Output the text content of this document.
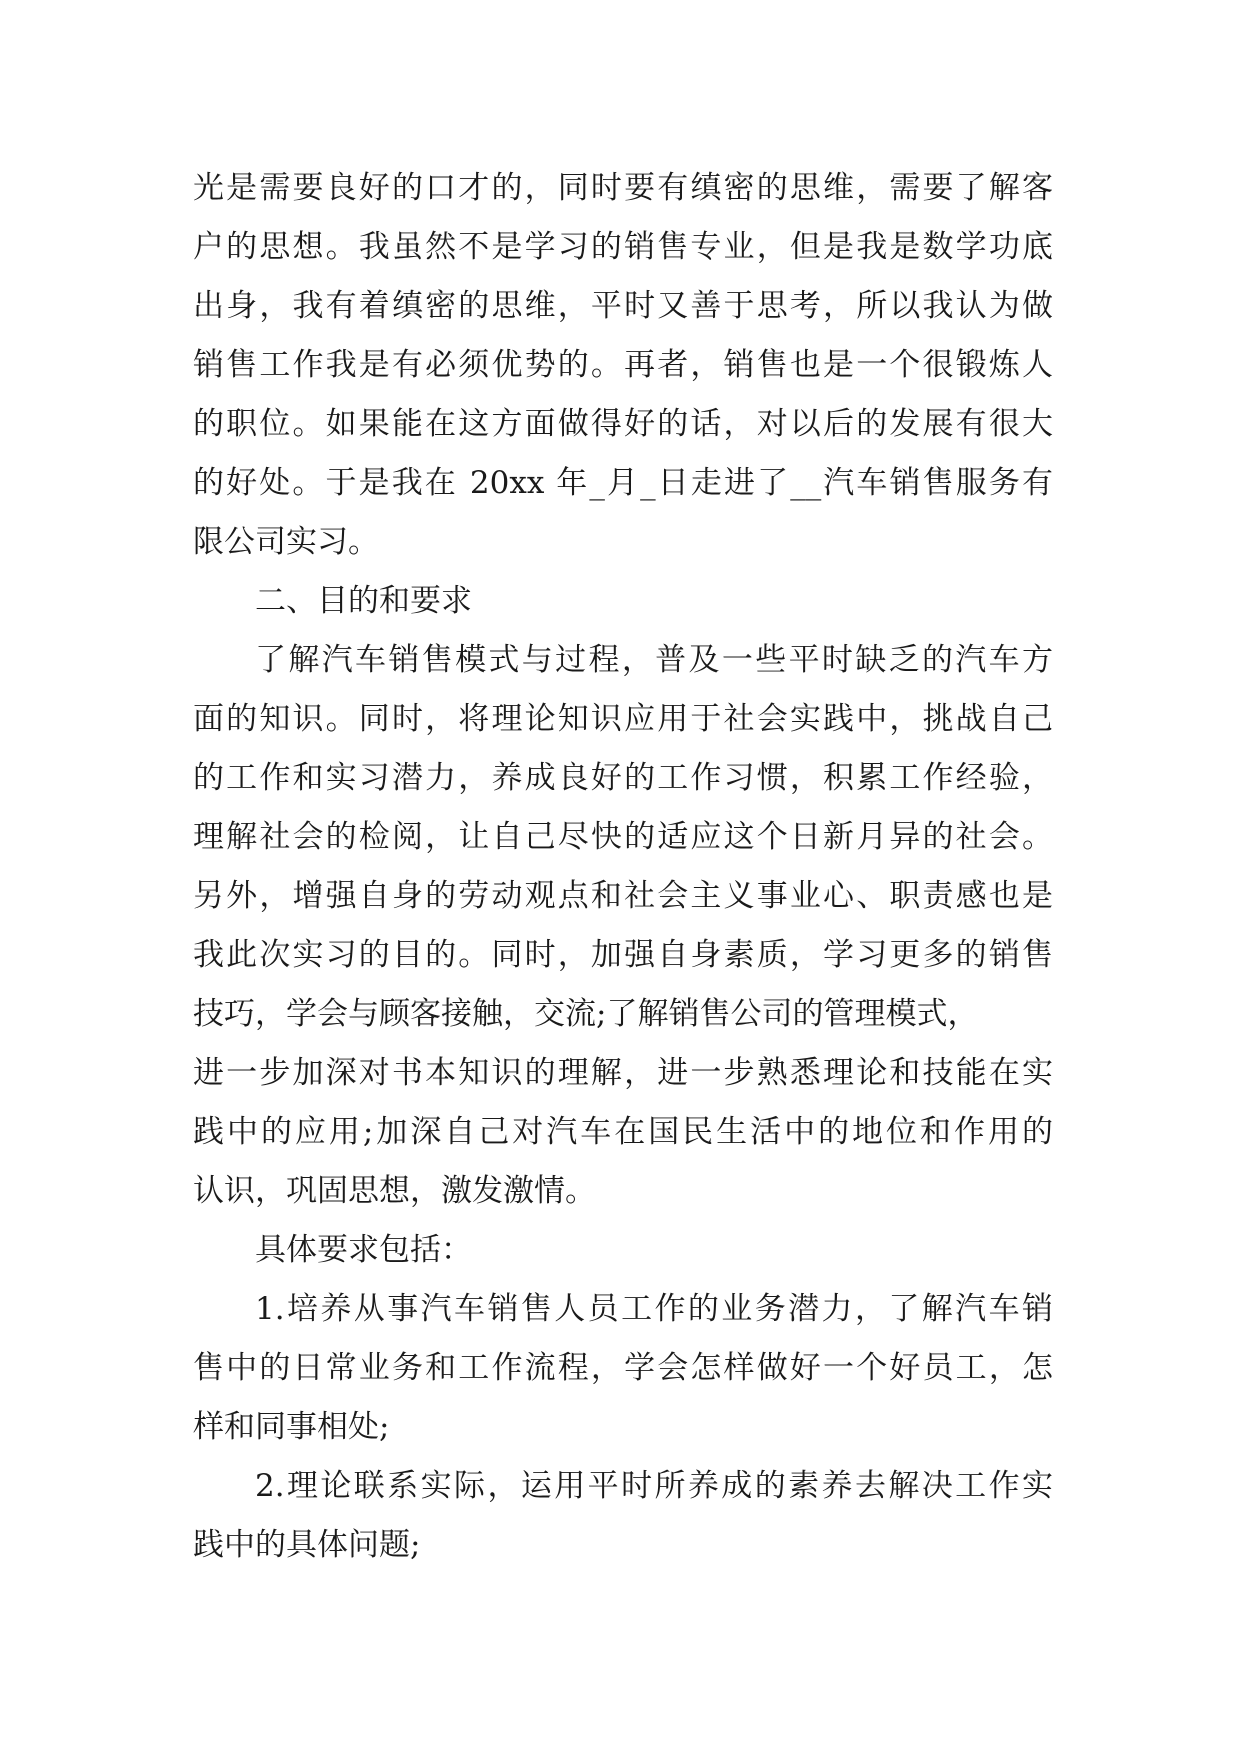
光是需要良好的口才的，同时要有缜密的思维，需要了解客
户的思想。我虽然不是学习的销售专业，但是我是数学功底
出身，我有着缜密的思维，平时又善于思考，所以我认为做
销售工作我是有必须优势的。再者，销售也是一个很锻炼人
的职位。如果能在这方面做得好的话，对以后的发展有很大
的好处。于是我在 20xx 年_月_日走进了__汽车销售服务有
限公司实习。
二、目的和要求
了解汽车销售模式与过程，普及一些平时缺乏的汽车方
面的知识。同时，将理论知识应用于社会实践中，挑战自己
的工作和实习潜力，养成良好的工作习惯，积累工作经验，
理解社会的检阅，让自己尽快的适应这个日新月异的社会。
另外，增强自身的劳动观点和社会主义事业心、职责感也是
我此次实习的目的。同时，加强自身素质，学习更多的销售
技巧，学会与顾客接触，交流;了解销售公司的管理模式，
进一步加深对书本知识的理解，进一步熟悉理论和技能在实
践中的应用;加深自己对汽车在国民生活中的地位和作用的
认识，巩固思想，激发激情。
具体要求包括：
1.培养从事汽车销售人员工作的业务潜力，了解汽车销
售中的日常业务和工作流程，学会怎样做好一个好员工，怎
样和同事相处;
2.理论联系实际，运用平时所养成的素养去解决工作实
践中的具体问题;
